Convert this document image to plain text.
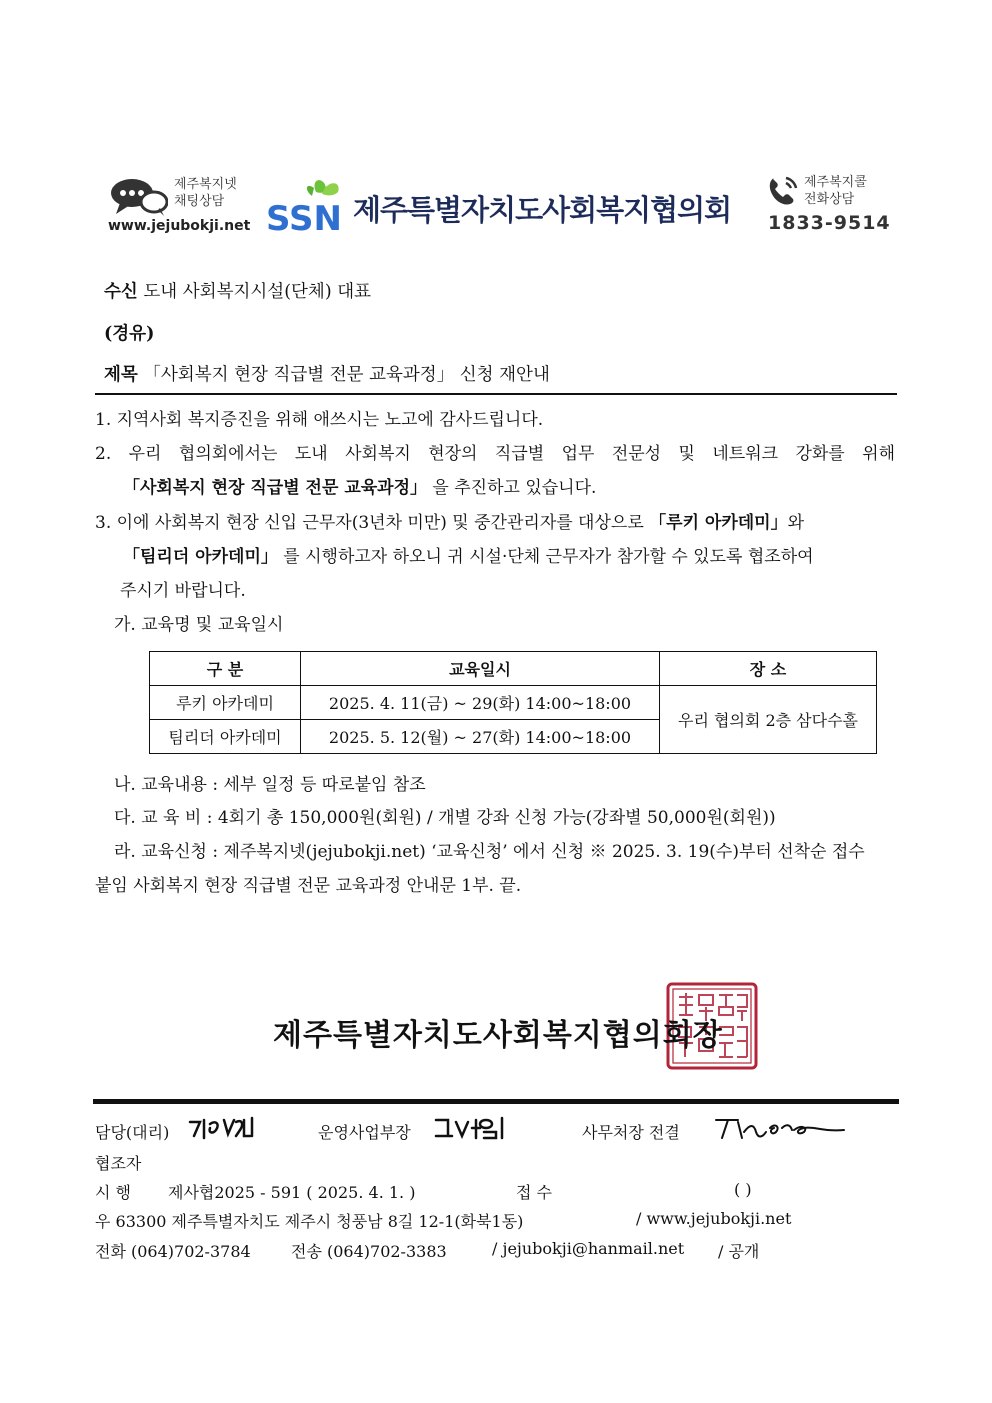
제주복지넷
채팅상담
www.jejubokji.net SSN 제주특별자치도사회복지협의회
제주복지콜
전화상담
1833-9514
수신 도내 사회복지시설(단체) 대표
(경유)
제목 「사회복지 현장 직급별 전문 교육과정」 신청 재안내
1. 지역사회 복지증진을 위해 애쓰시는 노고에 감사드립니다.
2. 우리 협의회에서는 도내 사회복지 현장의 직급별 업무 전문성 및 네트워크 강화를 위해
「사회복지 현장 직급별 전문 교육과정」 을 추진하고 있습니다.
3. 이에 사회복지 현장 신입 근무자(3년차 미만) 및 중간관리자를 대상으로 「루키 아카데미」와
「팀리더 아카데미」 를 시행하고자 하오니 귀 시설·단체 근무자가 참가할 수 있도록 협조하여
주시기 바랍니다.
가. 교육명 및 교육일시
구 분	교육일시	장 소
루키 아카데미	2025. 4. 11(금) ~ 29(화) 14:00~18:00	우리 협의회 2층 삼다수홀
팀리더 아카데미	2025. 5. 12(월) ~ 27(화) 14:00~18:00	
나. 교육내용 : 세부 일정 등 따로붙임 참조
다. 교 육 비 : 4회기 총 150,000원(회원) / 개별 강좌 신청 가능(강좌별 50,000원(회원))
라. 교육신청 : 제주복지넷(jejubokji.net) ‘교육신청’ 에서 신청 ※ 2025. 3. 19(수)부터 선착순 접수
붙임 사회복지 현장 직급별 전문 교육과정 안내문 1부. 끝.
제주특별자치도사회복지협의회장
담당(대리)	운영사업부장	사무처장 전결
협조자
시 행 제사협2025 - 591 ( 2025. 4. 1. )	접 수	( )
우 63300 제주특별자치도 제주시 청풍남 8길 12-1(화북1동)	/ www.jejubokji.net
전화 (064)702-3784	전송 (064)702-3383	/ jejubokji@hanmail.net / 공개
